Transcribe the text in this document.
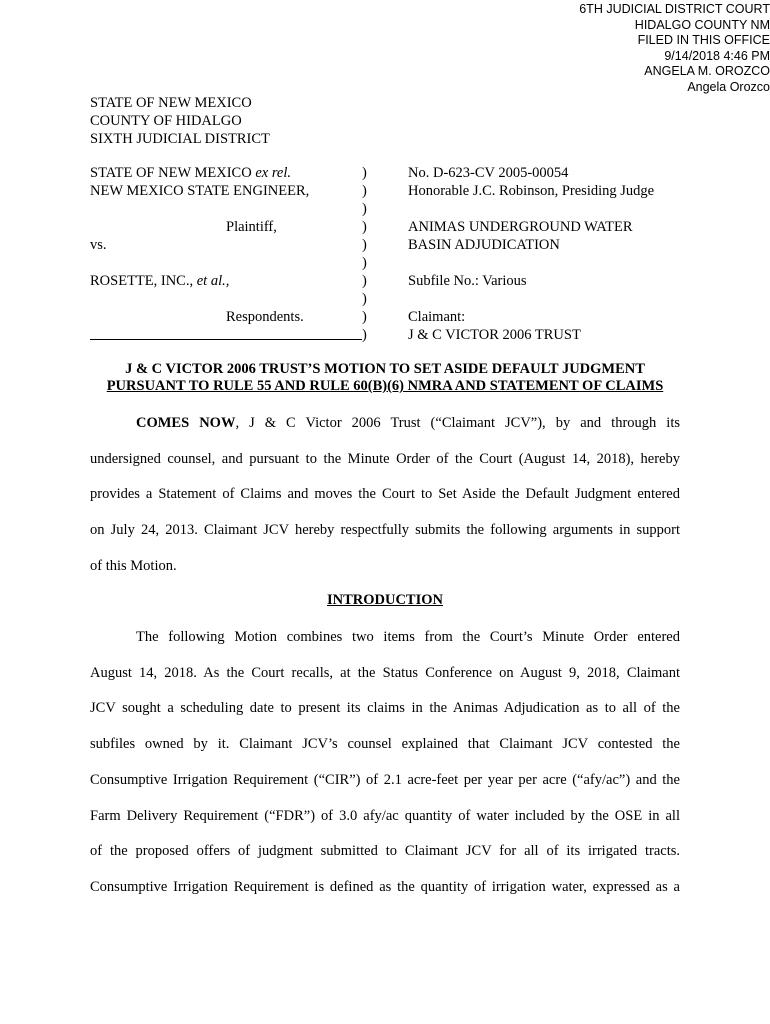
6TH JUDICIAL DISTRICT COURT
HIDALGO COUNTY NM
FILED IN THIS OFFICE
9/14/2018 4:46 PM
ANGELA M. OROZCO
Angela Orozco
STATE OF NEW MEXICO
COUNTY OF HIDALGO
SIXTH JUDICIAL DISTRICT
STATE OF NEW MEXICO ex rel.	)	No. D-623-CV 2005-00054
NEW MEXICO STATE ENGINEER,	)	Honorable J.C. Robinson, Presiding Judge
)
Plaintiff,	)	ANIMAS UNDERGROUND WATER
vs.	)	BASIN ADJUDICATION
)
ROSETTE, INC., et al.,	)	Subfile No.: Various
)
Respondents.	)	Claimant:
)	J & C VICTOR 2006 TRUST
J & C VICTOR 2006 TRUST’S MOTION TO SET ASIDE DEFAULT JUDGMENT
PURSUANT TO RULE 55 AND RULE 60(B)(6) NMRA AND STATEMENT OF CLAIMS
COMES NOW, J & C Victor 2006 Trust (“Claimant JCV”), by and through its
undersigned counsel, and pursuant to the Minute Order of the Court (August 14, 2018), hereby
provides a Statement of Claims and moves the Court to Set Aside the Default Judgment entered
on July 24, 2013. Claimant JCV hereby respectfully submits the following arguments in support
of this Motion.
INTRODUCTION
The following Motion combines two items from the Court’s Minute Order entered
August 14, 2018. As the Court recalls, at the Status Conference on August 9, 2018, Claimant
JCV sought a scheduling date to present its claims in the Animas Adjudication as to all of the
subfiles owned by it. Claimant JCV’s counsel explained that Claimant JCV contested the
Consumptive Irrigation Requirement (“CIR”) of 2.1 acre-feet per year per acre (“afy/ac”) and the
Farm Delivery Requirement (“FDR”) of 3.0 afy/ac quantity of water included by the OSE in all
of the proposed offers of judgment submitted to Claimant JCV for all of its irrigated tracts.
Consumptive Irrigation Requirement is defined as the quantity of irrigation water, expressed as a
